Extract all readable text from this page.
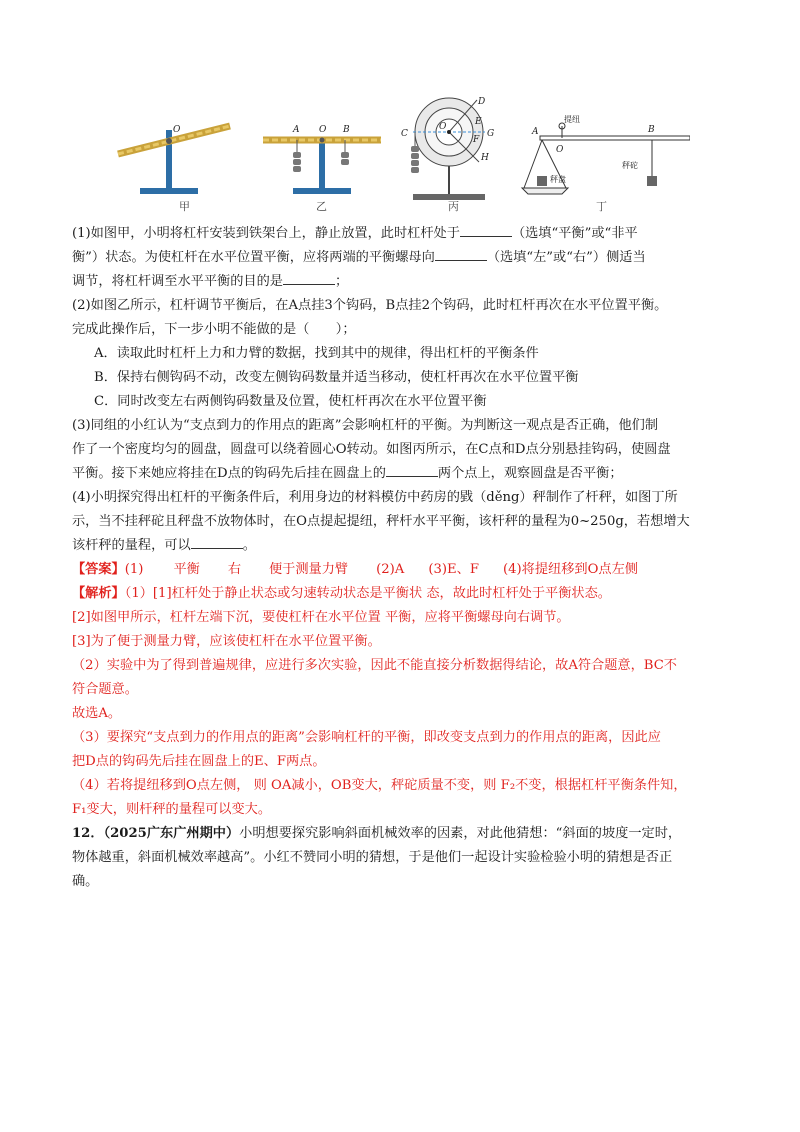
O	A O B
D
O	E
C
F
G
H
A
O
B
提纽
秤砣
秤盘
甲	乙	丙	丁
(1)如图甲，小明将杠杆安装到铁架台上，静止放置，此时杠杆处于	（选填“平衡”或“非平
衡”）状态。为使杠杆在水平位置平衡，应将两端的平衡螺母向	（选填“左”或“右”）侧适当
调节，将杠杆调至水平平衡的目的是	；
(2)如图乙所示，杠杆调节平衡后，在A点挂3个钩码，B点挂2个钩码，此时杠杆再次在水平位置平衡。
完成此操作后，下一步小明不能做的是（　　）；
A．读取此时杠杆上力和力臂的数据，找到其中的规律，得出杠杆的平衡条件
B．保持右侧钩码不动，改变左侧钩码数量并适当移动，使杠杆再次在水平位置平衡
C．同时改变左右两侧钩码数量及位置，使杠杆再次在水平位置平衡
(3)同组的小红认为“支点到力的作用点的距离”会影响杠杆的平衡。为判断这一观点是否正确，他们制
作了一个密度均匀的圆盘，圆盘可以绕着圆心O转动。如图丙所示，在C点和D点分别悬挂钩码，使圆盘
平衡。接下来她应将挂在D点的钩码先后挂在圆盘上的	两个点上，观察圆盘是否平衡；
(4)小明探究得出杠杆的平衡条件后，利用身边的材料模仿中药房的戥（děng）秤制作了杆秤，如图丁所
示，当不挂秤砣且秤盘不放物体时，在O点提起提纽，秤杆水平平衡，该杆秤的量程为0~250g，若想增大
该杆秤的量程，可以	。
【答案】(1) 平衡 右 便于测量力臂 (2)A (3)E、F (4)将提纽移到O点左侧
【解析】（1）[1]杠杆处于静止状态或匀速转动状态是平衡状 态，故此时杠杆处于平衡状态。
[2]如图甲所示，杠杆左端下沉，要使杠杆在水平位置 平衡，应将平衡螺母向右调节。
[3]为了便于测量力臂，应该使杠杆在水平位置平衡。
（2）实验中为了得到普遍规律，应进行多次实验，因此不能直接分析数据得结论，故A符合题意，BC不
符合题意。
故选A。
（3）要探究“支点到力的作用点的距离”会影响杠杆的平衡，即改变支点到力的作用点的距离，因此应
把D点的钩码先后挂在圆盘上的E、F两点。
（4）若将提纽移到O点左侧， 则 OA减小，OB变大，秤砣质量不变，则 F₂不变，根据杠杆平衡条件知，
F₁变大，则杆秤的量程可以变大。
12．（2025广东广州期中）小明想要探究影响斜面机械效率的因素，对此他猜想：“斜面的坡度一定时，
物体越重，斜面机械效率越高”。小红不赞同小明的猜想，于是他们一起设计实验检验小明的猜想是否正
确。
